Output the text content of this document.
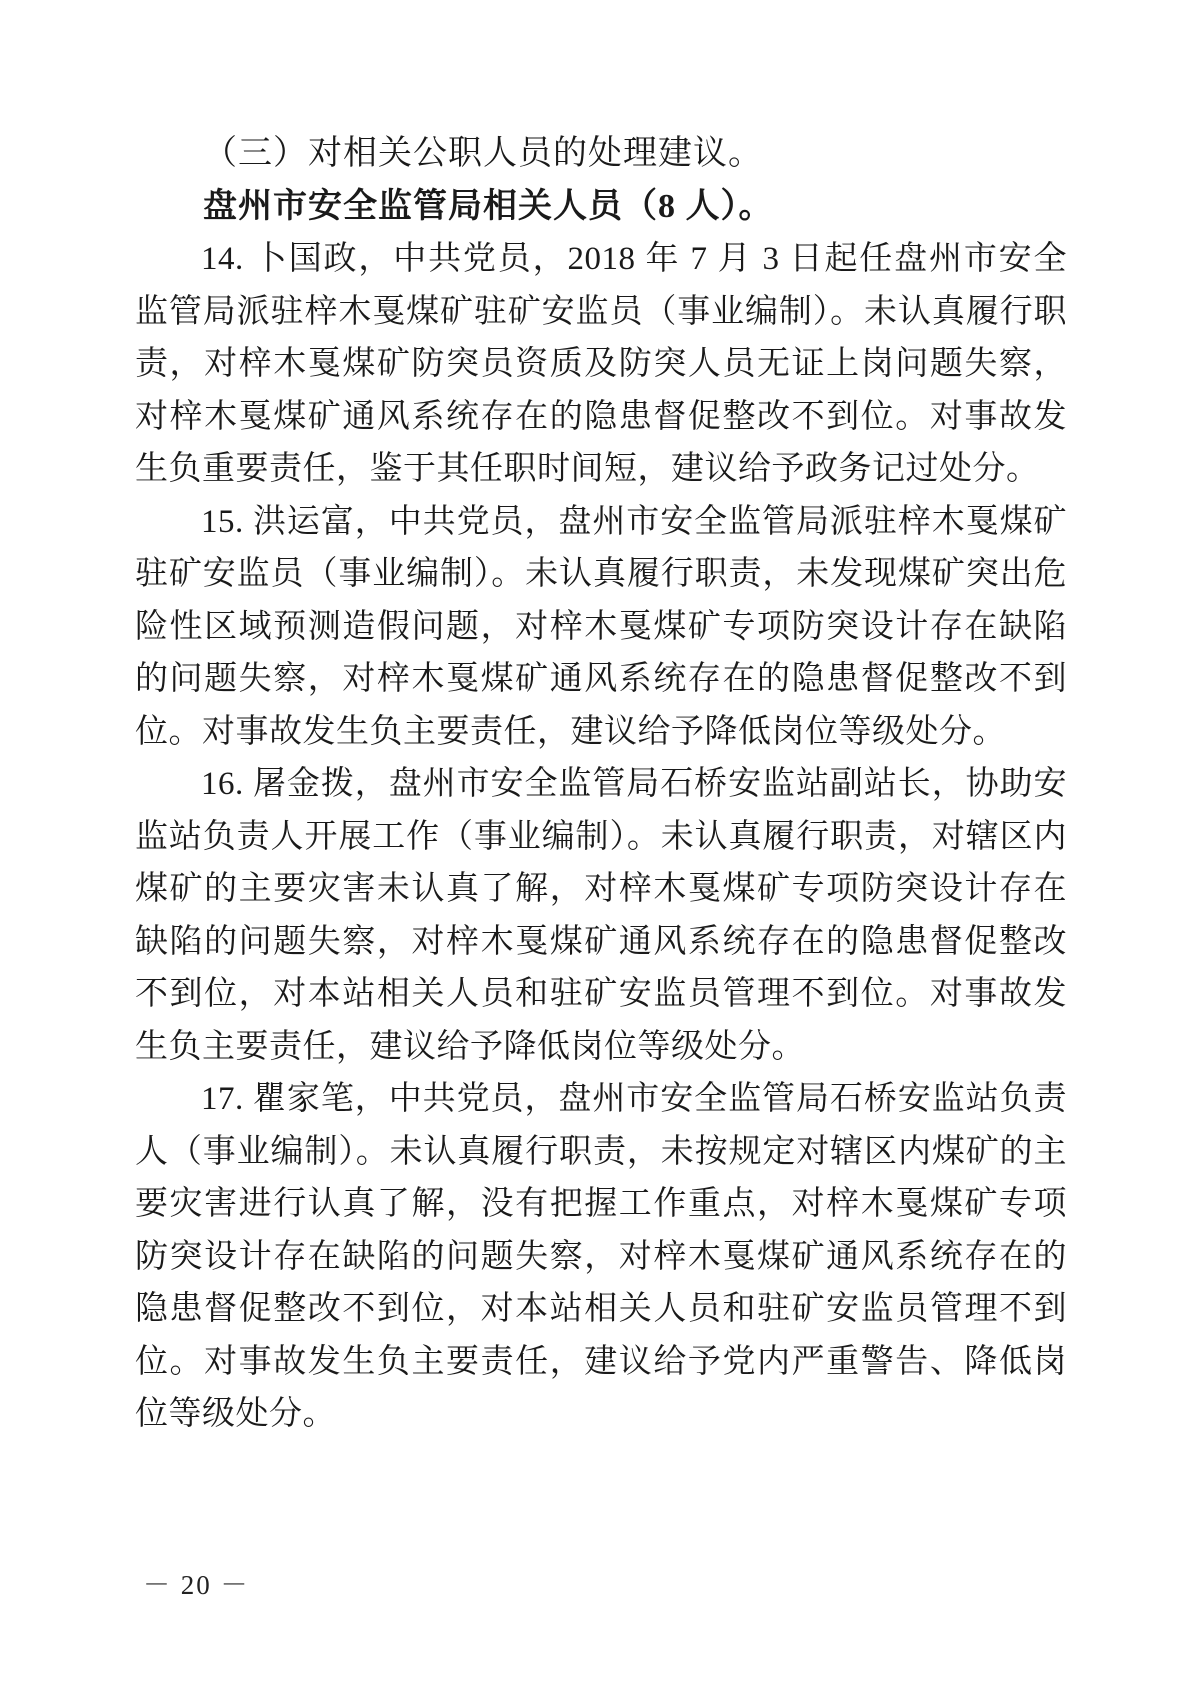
（三）对相关公职人员的处理建议。

盘州市安全监管局相关人员（8 人）。

14. 卜国政，中共党员，2018 年 7 月 3 日起任盘州市安全监管局派驻梓木戛煤矿驻矿安监员（事业编制）。未认真履行职责，对梓木戛煤矿防突员资质及防突人员无证上岗问题失察，对梓木戛煤矿通风系统存在的隐患督促整改不到位。对事故发生负重要责任，鉴于其任职时间短，建议给予政务记过处分。

15. 洪运富，中共党员，盘州市安全监管局派驻梓木戛煤矿驻矿安监员（事业编制）。未认真履行职责，未发现煤矿突出危险性区域预测造假问题，对梓木戛煤矿专项防突设计存在缺陷的问题失察，对梓木戛煤矿通风系统存在的隐患督促整改不到位。对事故发生负主要责任，建议给予降低岗位等级处分。

16. 屠金拨，盘州市安全监管局石桥安监站副站长，协助安监站负责人开展工作（事业编制）。未认真履行职责，对辖区内煤矿的主要灾害未认真了解，对梓木戛煤矿专项防突设计存在缺陷的问题失察，对梓木戛煤矿通风系统存在的隐患督促整改不到位，对本站相关人员和驻矿安监员管理不到位。对事故发生负主要责任，建议给予降低岗位等级处分。

17. 瞿家笔，中共党员，盘州市安全监管局石桥安监站负责人（事业编制）。未认真履行职责，未按规定对辖区内煤矿的主要灾害进行认真了解，没有把握工作重点，对梓木戛煤矿专项防突设计存在缺陷的问题失察，对梓木戛煤矿通风系统存在的隐患督促整改不到位，对本站相关人员和驻矿安监员管理不到位。对事故发生负主要责任，建议给予党内严重警告、降低岗位等级处分。

－ 20 －
